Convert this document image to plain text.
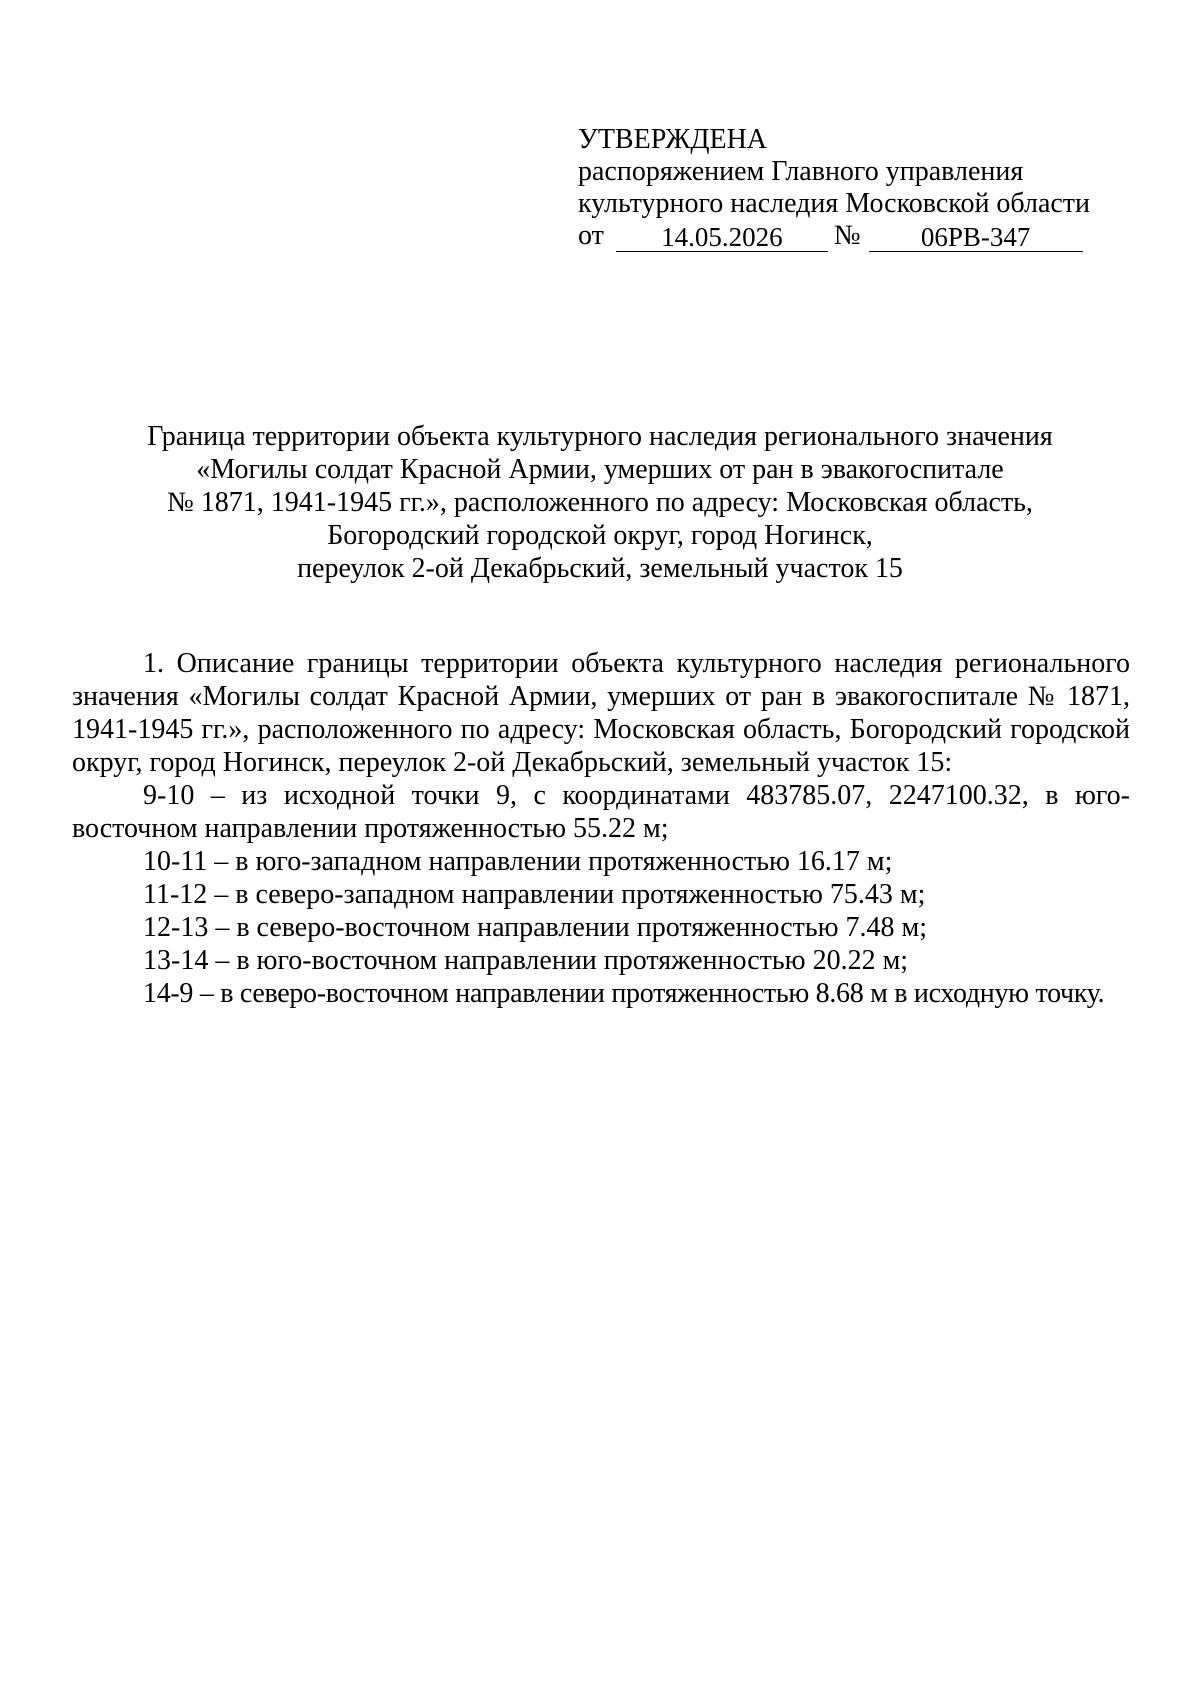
УТВЕРЖДЕНА
распоряжением Главного управления
культурного наследия Московской области
от	14.05.2026	№	06РВ-347
Граница территории объекта культурного наследия регионального значения
«Могилы солдат Красной Армии, умерших от ран в эвакогоспитале
№ 1871, 1941-1945 гг.», расположенного по адресу: Московская область,
Богородский городской округ, город Ногинск,
переулок 2-ой Декабрьский, земельный участок 15

1. Описание границы территории объекта культурного наследия регионального значения «Могилы солдат Красной Армии, умерших от ран в эвакогоспитале № 1871, 1941-1945 гг.», расположенного по адресу: Московская область, Богородский городской округ, город Ногинск, переулок 2-ой Декабрьский, земельный участок 15:

9-10 – из исходной точки 9, с координатами 483785.07, 2247100.32, в юго-восточном направлении протяженностью 55.22 м;

10-11 – в юго-западном направлении протяженностью 16.17 м;

11-12 – в северо-западном направлении протяженностью 75.43 м;

12-13 – в северо-восточном направлении протяженностью 7.48 м;

13-14 – в юго-восточном направлении протяженностью 20.22 м;

14-9 – в северо-восточном направлении протяженностью 8.68 м в исходную точку.
